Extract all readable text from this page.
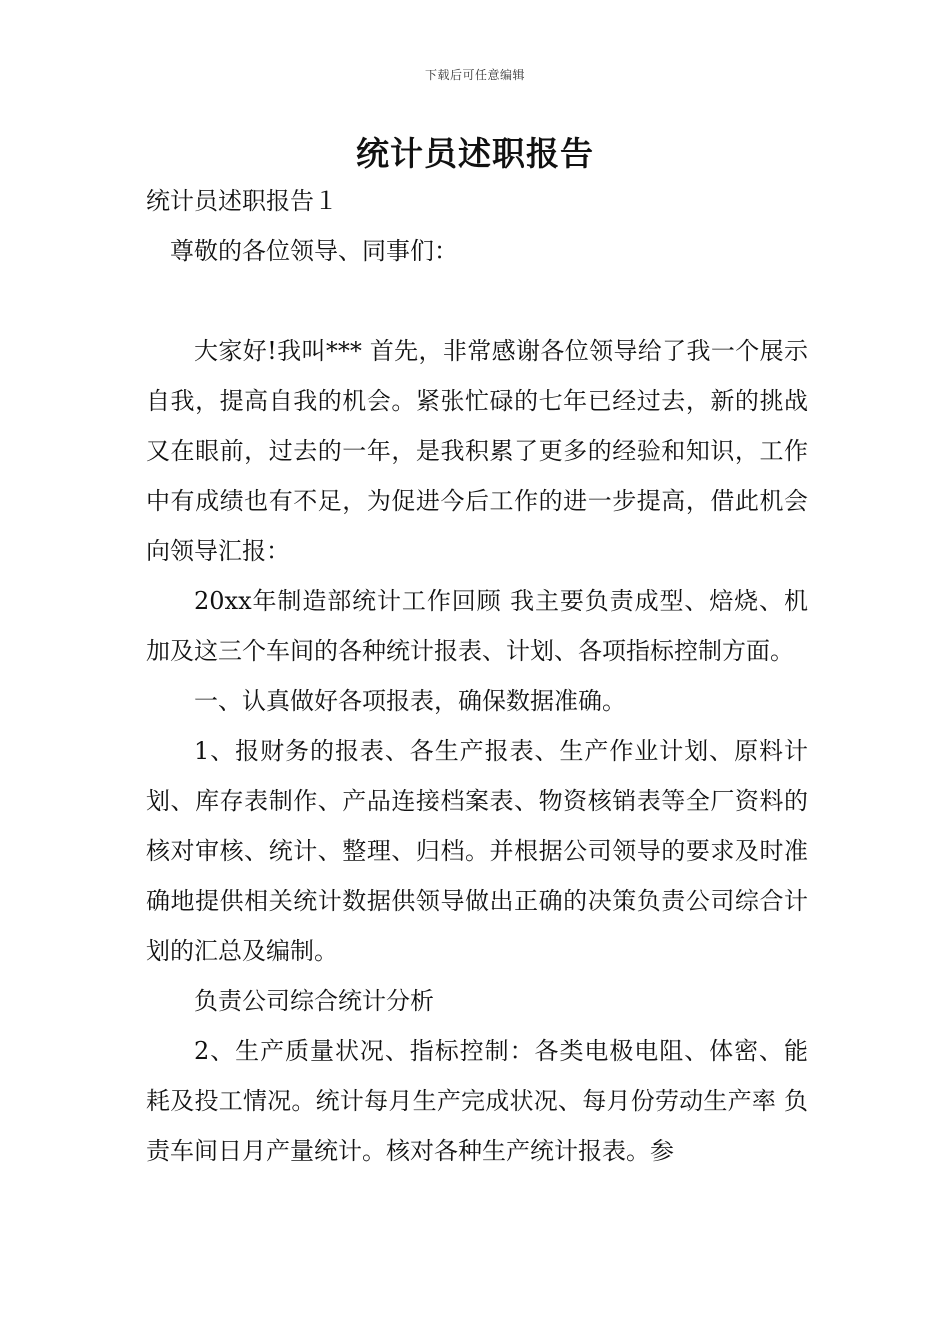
下载后可任意编辑
统计员述职报告
统计员述职报告１
尊敬的各位领导、同事们：

大家好!我叫*** 首先，非常感谢各位领导给了我一个展示自我，提高自我的机会。紧张忙碌的七年已经过去，新的挑战又在眼前，过去的一年，是我积累了更多的经验和知识，工作中有成绩也有不足，为促进今后工作的进一步提高，借此机会向领导汇报：

20xx年制造部统计工作回顾 我主要负责成型、焙烧、机加及这三个车间的各种统计报表、计划、各项指标控制方面。

一、认真做好各项报表，确保数据准确。

1、报财务的报表、各生产报表、生产作业计划、原料计划、库存表制作、产品连接档案表、物资核销表等全厂资料的核对审核、统计、整理、归档。并根据公司领导的要求及时准确地提供相关统计数据供领导做出正确的决策负责公司综合计划的汇总及编制。

负责公司综合统计分析

2、生产质量状况、指标控制：各类电极电阻、体密、能耗及投工情况。统计每月生产完成状况、每月份劳动生产率 负责车间日月产量统计。核对各种生产统计报表。参
